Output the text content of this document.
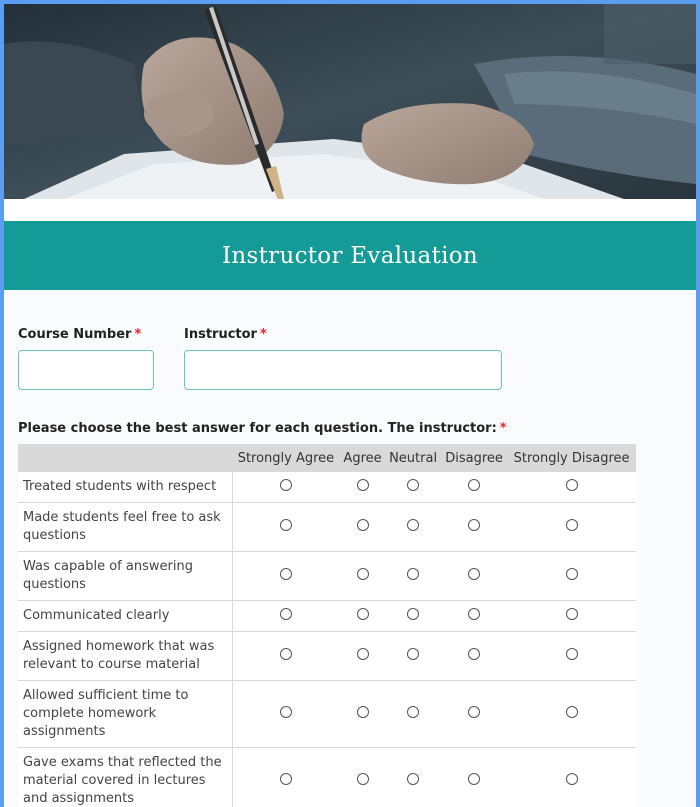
Instructor Evaluation
Course Number *	Instructor *
Please choose the best answer for each question. The instructor: *
	Strongly Agree	Agree	Neutral	Disagree	Strongly Disagree
Treated students with respect					
Made students feel free to ask questions					
Was capable of answering questions					
Communicated clearly					
Assigned homework that was relevant to course material					
Allowed sufficient time to complete homework assignments					
Gave exams that reflected the material covered in lectures and assignments					
